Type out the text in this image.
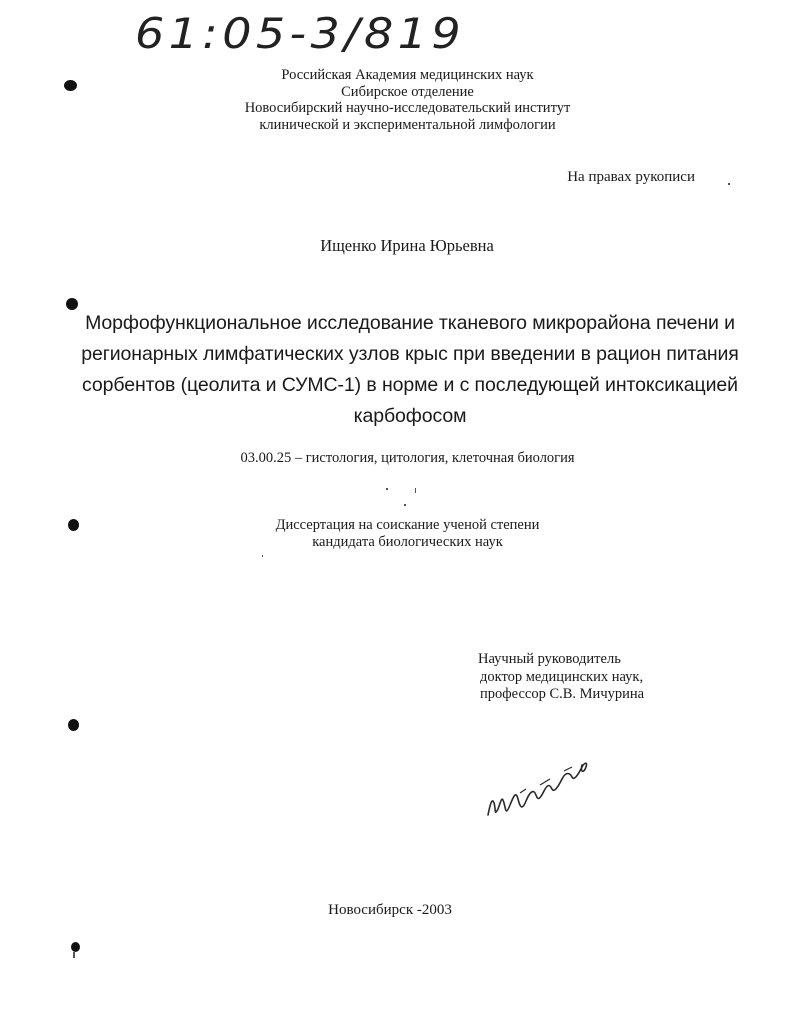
61:05-3/819
Российская Академия медицинских наук
Сибирское отделение
Новосибирский научно-исследовательский институт
клинической и экспериментальной лимфологии
На правах рукописи
Ищенко Ирина Юрьевна
Морфофункциональное исследование тканевого микрорайона печени и
регионарных лимфатических узлов крыс при введении в рацион питания
сорбентов (цеолита и СУМС-1) в норме и с последующей интоксикацией
карбофосом
03.00.25 – гистология, цитология, клеточная биология
Диссертация на соискание ученой степени
кандидата биологических наук
Научный руководитель
доктор медицинских наук,
профессор С.В. Мичурина
Новосибирск -2003
